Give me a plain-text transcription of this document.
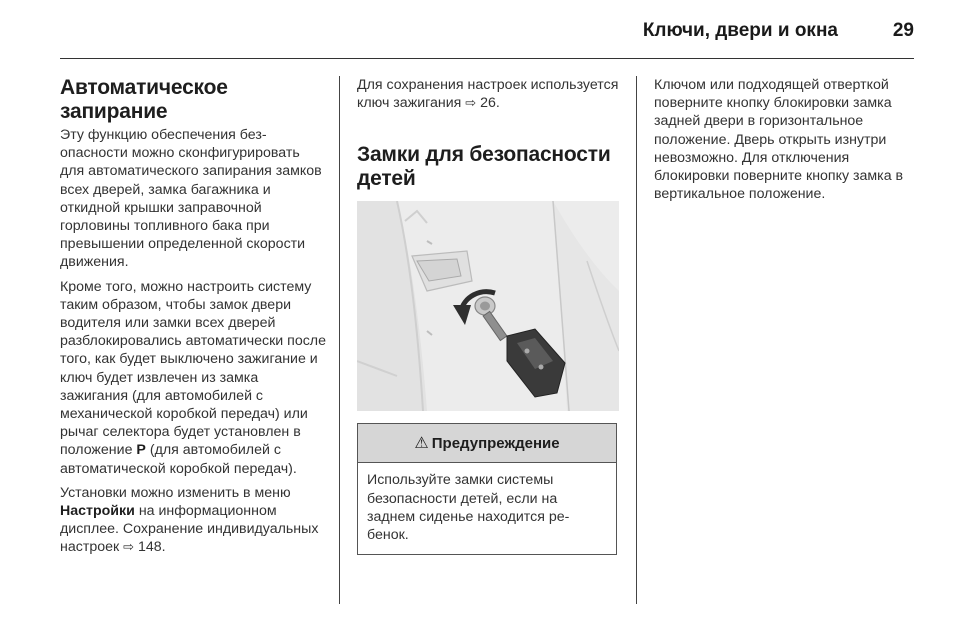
Ключи, двери и окна	29
Автоматическое
запирание

Эту функцию обеспечения безопасности можно сконфигурировать для автоматического запирания замков всех дверей, замка багажника и откидной крышки заправочной горловины топливного бака при превышении определенной скорости движения.

Кроме того, можно настроить систему таким образом, чтобы замок двери водителя или замки всех дверей разблокировались автоматически после того, как будет выключено зажигание и ключ будет извлечен из замка зажигания (для автомобилей с механической коробкой передач) или рычаг селектора будет установлен в положение P (для автомобилей с автоматической коробкой передач).

Установки можно изменить в меню Настройки на информационном дисплее. Сохранение индивидуальных настроек ⇨ 148.

Для сохранения настроек используется ключ зажигания ⇨ 26.

Замки для безопасности
детей
⚠ Предупреждение
Используйте замки системы безопасности детей, если на заднем сиденье находится ребенок.

Ключом или подходящей отверткой поверните кнопку блокировки замка задней двери в горизонтальное положение. Дверь открыть изнутри невозможно. Для отключения блокировки поверните кнопку замка в вертикальное положение.
